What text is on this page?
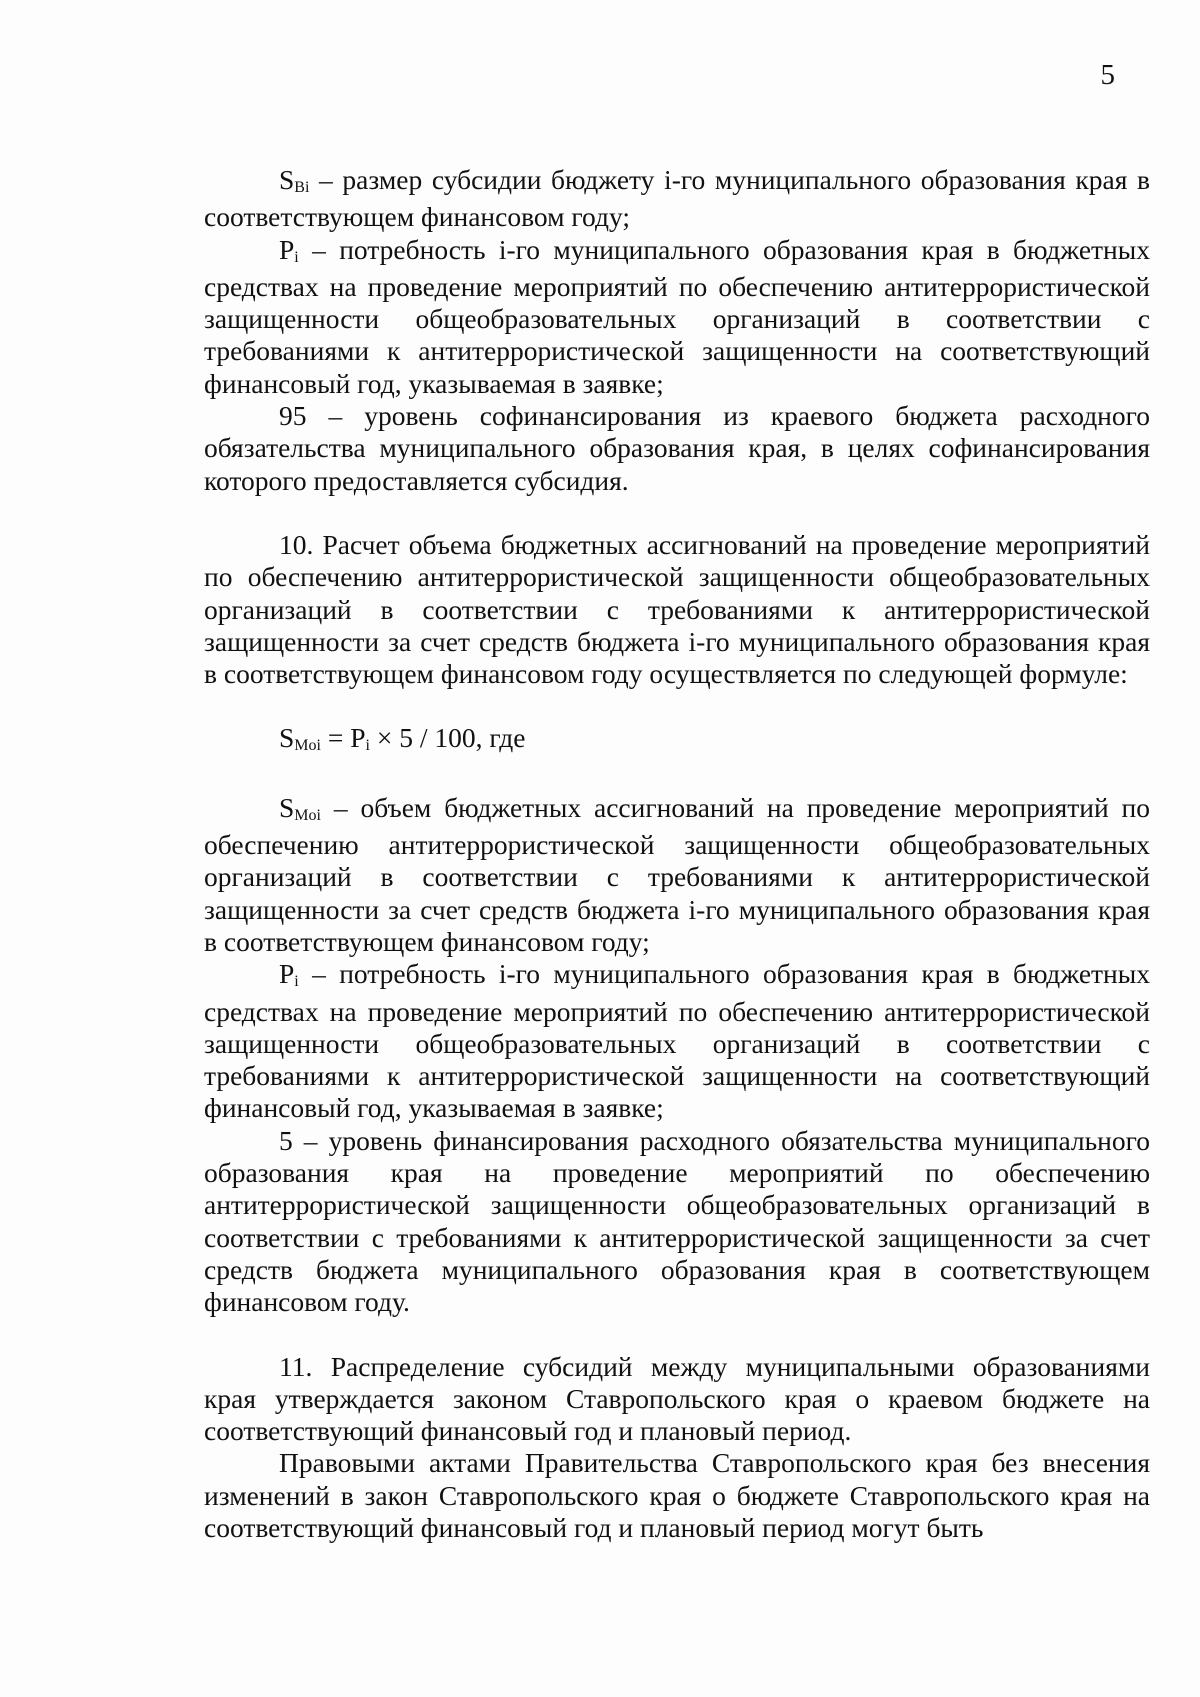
5

SBi – размер субсидии бюджету i-го муниципального образования края в соответствующем финансовом году;

Pi – потребность i-го муниципального образования края в бюджетных средствах на проведение мероприятий по обеспечению антитеррористической защищенности общеобразовательных организаций в соответствии с требованиями к антитеррористической защищенности на соответствующий финансовый год, указываемая в заявке;

95 – уровень софинансирования из краевого бюджета расходного обязательства муниципального образования края, в целях софинансирования которого предоставляется субсидия.

10. Расчет объема бюджетных ассигнований на проведение мероприятий по обеспечению антитеррористической защищенности общеобразовательных организаций в соответствии с требованиями к антитеррористической защищенности за счет средств бюджета i-го муниципального образования края в соответствующем финансовом году осуществляется по следующей формуле:

SMoi = Pi × 5 / 100, где

SMoi – объем бюджетных ассигнований на проведение мероприятий по обеспечению антитеррористической защищенности общеобразовательных организаций в соответствии с требованиями к антитеррористической защищенности за счет средств бюджета i-го муниципального образования края в соответствующем финансовом году;

Pi – потребность i-го муниципального образования края в бюджетных средствах на проведение мероприятий по обеспечению антитеррористической защищенности общеобразовательных организаций в соответствии с требованиями к антитеррористической защищенности на соответствующий финансовый год, указываемая в заявке;

5 – уровень финансирования расходного обязательства муниципального образования края на проведение мероприятий по обеспечению антитеррористической защищенности общеобразовательных организаций в соответствии с требованиями к антитеррористической защищенности за счет средств бюджета муниципального образования края в соответствующем финансовом году.

11. Распределение субсидий между муниципальными образованиями края утверждается законом Ставропольского края о краевом бюджете на соответствующий финансовый год и плановый период.

Правовыми актами Правительства Ставропольского края без внесения изменений в закон Ставропольского края о бюджете Ставропольского края на соответствующий финансовый год и плановый период могут быть
